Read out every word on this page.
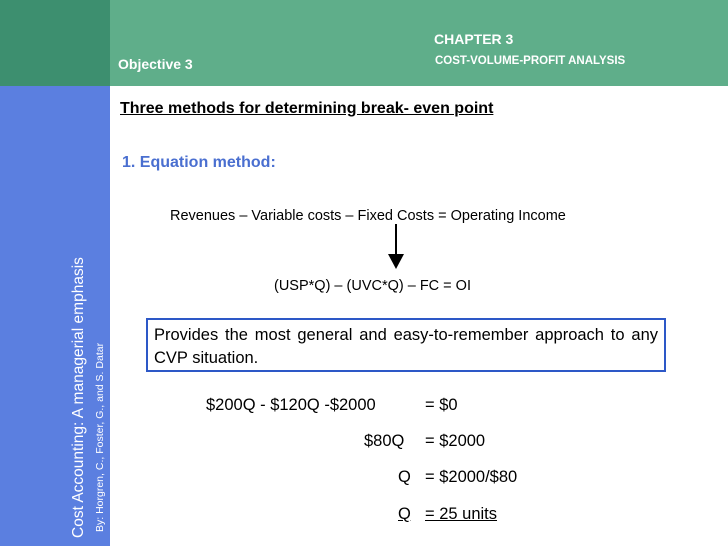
Cost Accounting: A managerial emphasis By: Horgren, C., Foster, G., and S. Datar
Objective 3
CHAPTER 3
COST-VOLUME-PROFIT ANALYSIS
Three methods for determining break- even point
1. Equation method:
Revenues – Variable costs – Fixed Costs = Operating Income
(USP*Q) – (UVC*Q) – FC = OI
Provides the most general and easy-to-remember approach to any CVP situation.
$200Q - $120Q -$2000	= $0
$80Q = $2000
Q = $2000/$80
Q = 25 units
